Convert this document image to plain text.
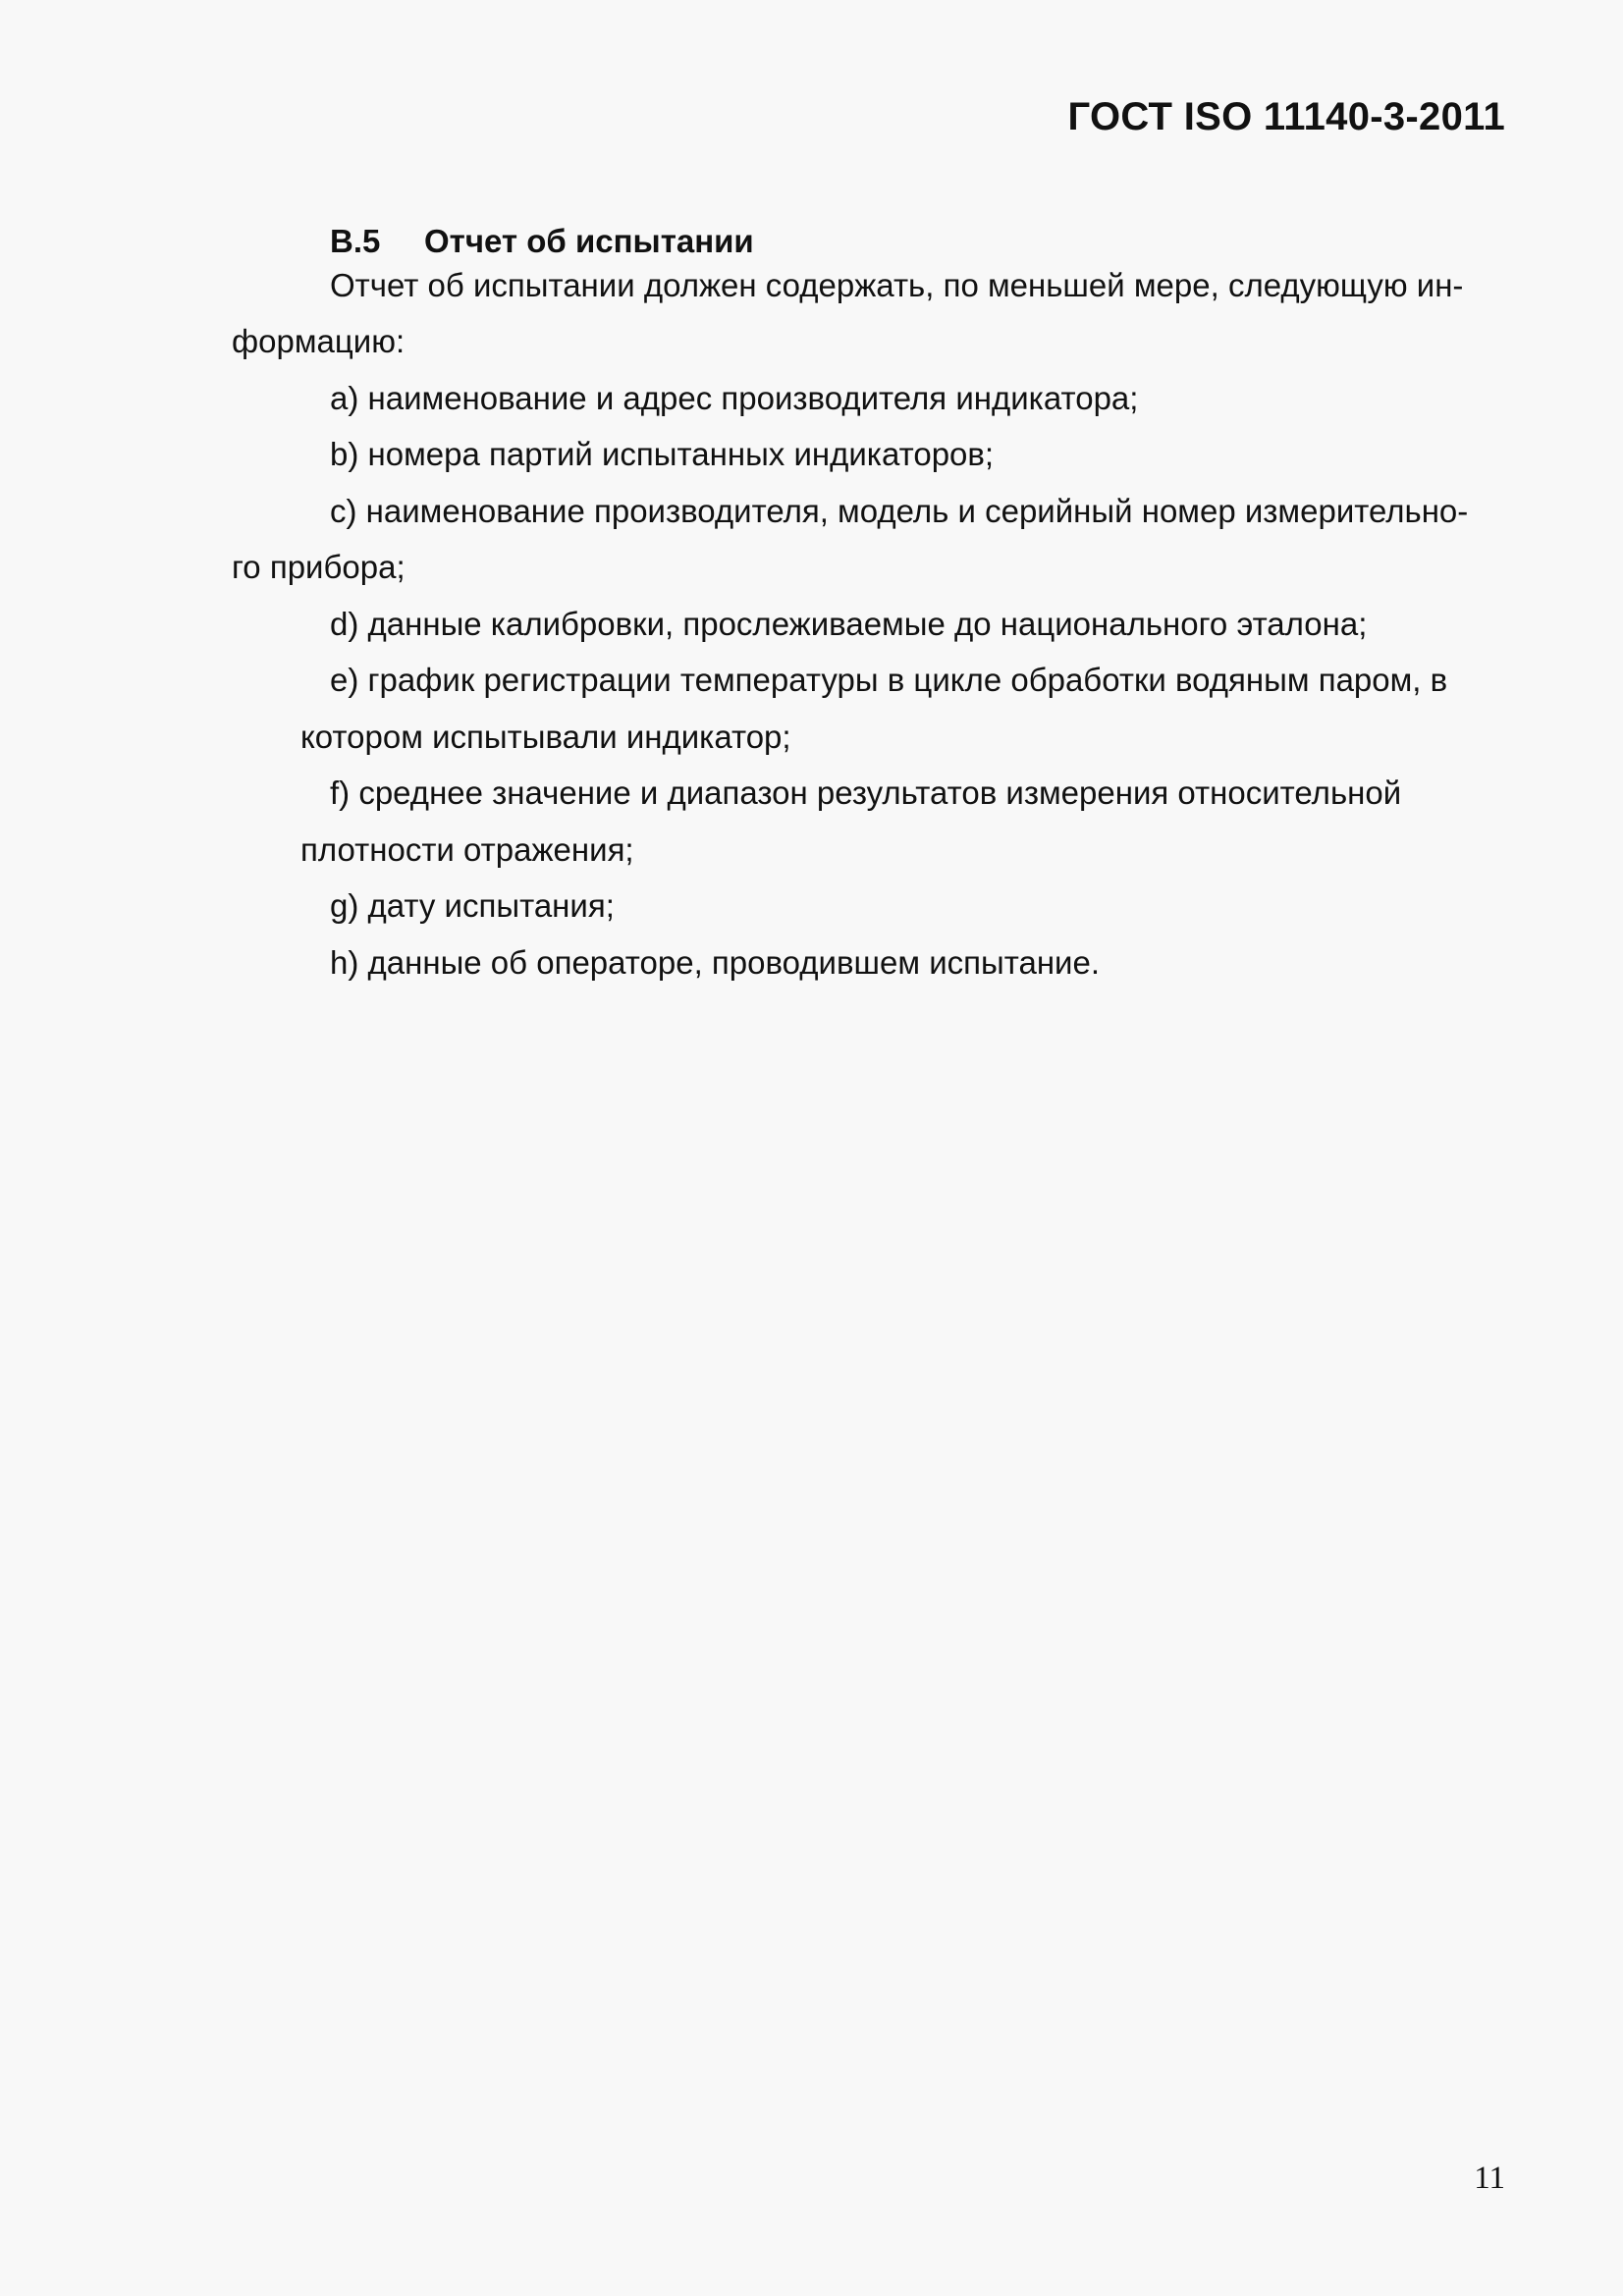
ГОСТ ISO 11140-3-2011
B.5 Отчет об испытании
Отчет об испытании должен содержать, по меньшей мере, следующую ин-
формацию:
a) наименование и адрес производителя индикатора;
b) номера партий испытанных индикаторов;
c) наименование производителя, модель и серийный номер измерительно-
го прибора;
d) данные калибровки, прослеживаемые до национального эталона;
e) график регистрации температуры в цикле обработки водяным паром, в
котором испытывали индикатор;
f) среднее значение и диапазон результатов измерения относительной
плотности отражения;
g) дату испытания;
h) данные об операторе, проводившем испытание.
11
